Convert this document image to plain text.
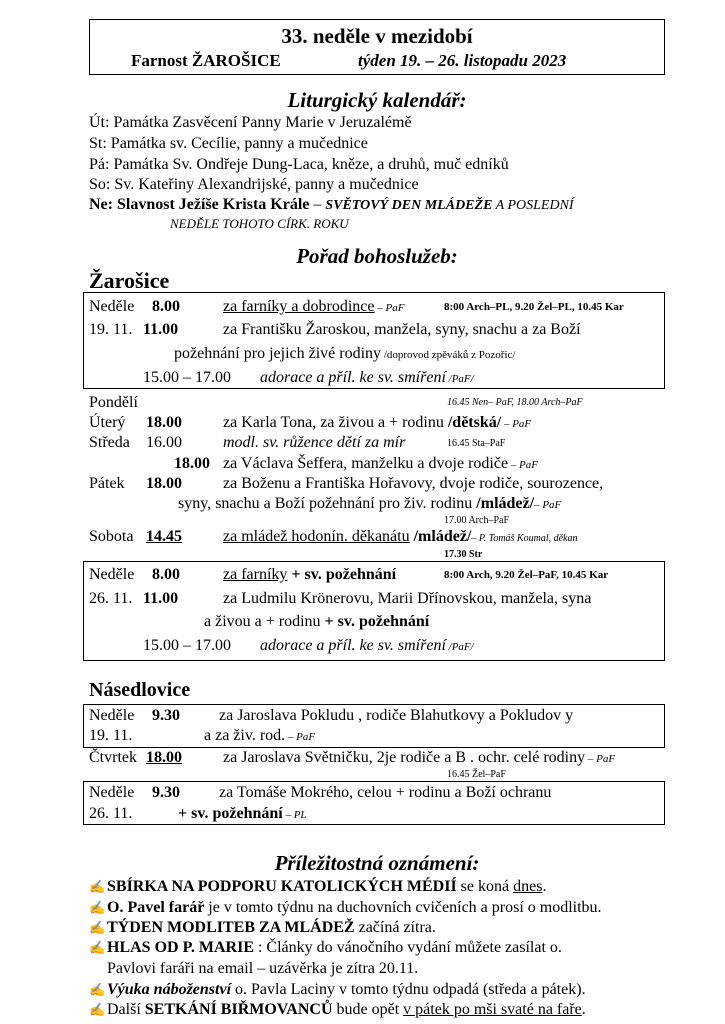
33. neděle v mezidobí
Farnost ŽAROŠICE	týden 19. – 26. listopadu 2023
Liturgický kalendář:
Út: Památka Zasvěcení Panny Marie v Jeruzalémě
St: Památka sv. Cecílie, panny a mučednice
Pá: Památka Sv. Ondřeje Dung-Laca, kněze, a druhů, muč edníků
So: Sv. Kateřiny Alexandrijské, panny a mučednice
Ne: Slavnost Ježíše Krista Krále – SVĚTOVÝ DEN MLÁDEŽE A POSLEDNÍ
NEDĚLE TOHOTO CÍRK. ROKU
Pořad bohoslužeb:
Žarošice
Neděle 8.00	za farníky a dobrodince – PaF	8:00 Arch–PL, 9.20 Žel–PL, 10.45 Kar
19. 11. 11.00	za Františku Žaroskou, manžela, syny, snachu a za Boží
požehnání pro jejich živé rodiny /doprovod zpěváků z Pozořic/
15.00 – 17.00 adorace a příl. ke sv. smíření /PaF/
Pondělí	16.45 Nen– PaF, 18.00 Arch–PaF
Úterý 18.00	za Karla Tona, za živou a + rodinu /dětská/ – PaF
Středa 16.00	modl. sv. růžence dětí za mír	16.45 Sta–PaF
18.00 za Václava Šeffera, manželku a dvoje rodiče – PaF
Pátek 18.00	za Boženu a Františka Hořavovy, dvoje rodiče, sourozence,
syny, snachu a Boží požehnání pro živ. rodinu /mládež/– PaF
17.00 Arch–PaF
Sobota 14.45	za mládež hodonín. děkanátu /mládež/– P. Tomáš Koumal, děkan
17.30 Str
Neděle 8.00	za farníky + sv. požehnání	8:00 Arch, 9.20 Žel–PaF, 10.45 Kar
26. 11. 11.00	za Ludmilu Krönerovu, Marii Dřínovskou, manžela, syna
a živou a + rodinu + sv. požehnání
15.00 – 17.00 adorace a příl. ke sv. smíření /PaF/
Násedlovice
Neděle 9.30 za Jaroslava Pokludu , rodiče Blahutkovy a Pokludov y
19. 11.	a za živ. rod. – PaF
Čtvrtek 18.00	za Jaroslava Světničku, 2je rodiče a B . ochr. celé rodiny – PaF
16.45 Žel–PaF
Neděle 9.30 za Tomáše Mokrého, celou + rodinu a Boží ochranu
26. 11.	+ sv. požehnání – PL
Příležitostná oznámení:
✍ SBÍRKA NA PODPORU KATOLICKÝCH MÉDIÍ se koná dnes.
✍ O. Pavel farář je v tomto týdnu na duchovních cvičeních a prosí o modlitbu.
✍ TÝDEN MODLITEB ZA MLÁDEŽ začíná zítra.
✍ HLAS OD P. MARIE : Články do vánočního vydání můžete zasílat o.
Pavlovi faráři na email – uzávěrka je zítra 20.11.
✍ Výuka náboženství o. Pavla Laciny v tomto týdnu odpadá (středa a pátek).
✍ Další SETKÁNÍ BIŘMOVANCŮ bude opět v pátek po mši svaté na faře.
